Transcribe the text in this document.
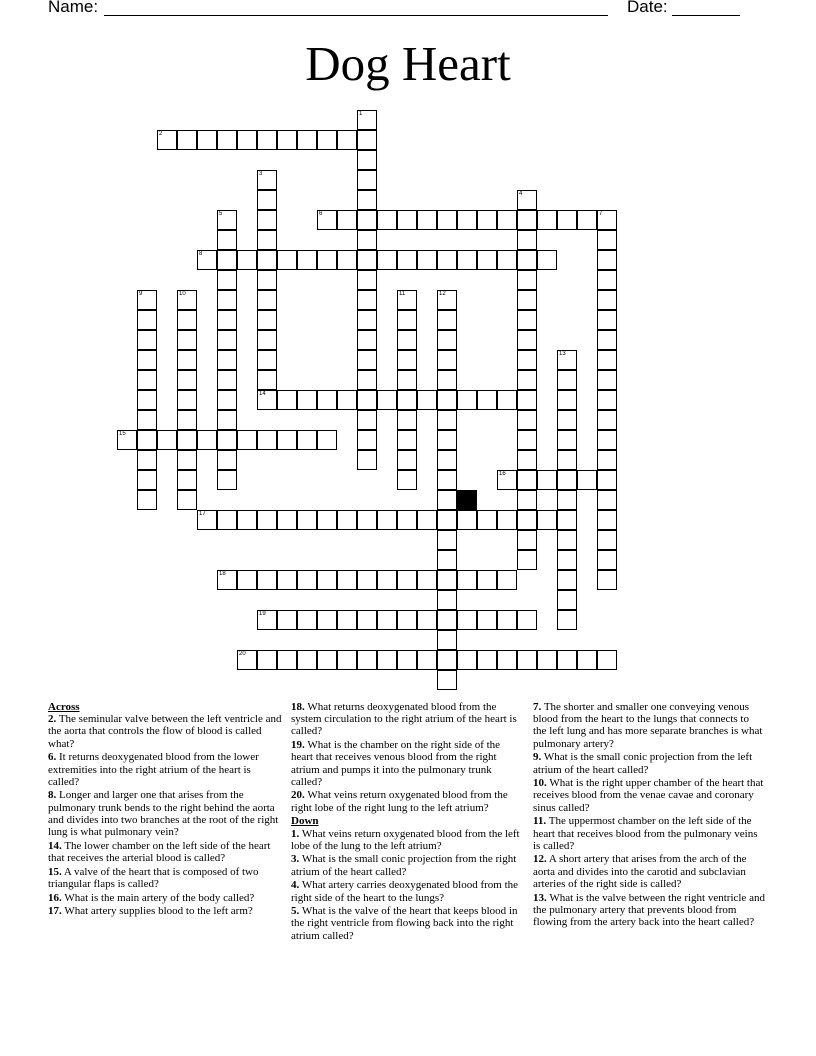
Name:	Date:
Dog Heart
1
2
3
4
5	6	7
8
9	10	11	12
13
14
15
16
17
18
19
20
Across
2. The seminular valve between the left ventricle and the aorta that controls the flow of blood is called what?
6. It returns deoxygenated blood from the lower extremities into the right atrium of the heart is called?
8. Longer and larger one that arises from the pulmonary trunk bends to the right behind the aorta and divides into two branches at the root of the right lung is what pulmonary vein?
14. The lower chamber on the left side of the heart that receives the arterial blood is called?
15. A valve of the heart that is composed of two triangular flaps is called?
16. What is the main artery of the body called?
17. What artery supplies blood to the left arm?
18. What returns deoxygenated blood from the system circulation to the right atrium of the heart is called?
19. What is the chamber on the right side of the heart that receives venous blood from the right atrium and pumps it into the pulmonary trunk called?
20. What veins return oxygenated blood from the right lobe of the right lung to the left atrium?
Down
1. What veins return oxygenated blood from the left lobe of the lung to the left atrium?
3. What is the small conic projection from the right atrium of the heart called?
4. What artery carries deoxygenated blood from the right side of the heart to the lungs?
5. What is the valve of the heart that keeps blood in the right ventricle from flowing back into the right atrium called?
7. The shorter and smaller one conveying venous blood from the heart to the lungs that connects to the left lung and has more separate branches is what pulmonary artery?
9. What is the small conic projection from the left atrium of the heart called?
10. What is the right upper chamber of the heart that receives blood from the venae cavae and coronary sinus called?
11. The uppermost chamber on the left side of the heart that receives blood from the pulmonary veins is called?
12. A short artery that arises from the arch of the aorta and divides into the carotid and subclavian arteries of the right side is called?
13. What is the valve between the right ventricle and the pulmonary artery that prevents blood from flowing from the artery back into the heart called?
